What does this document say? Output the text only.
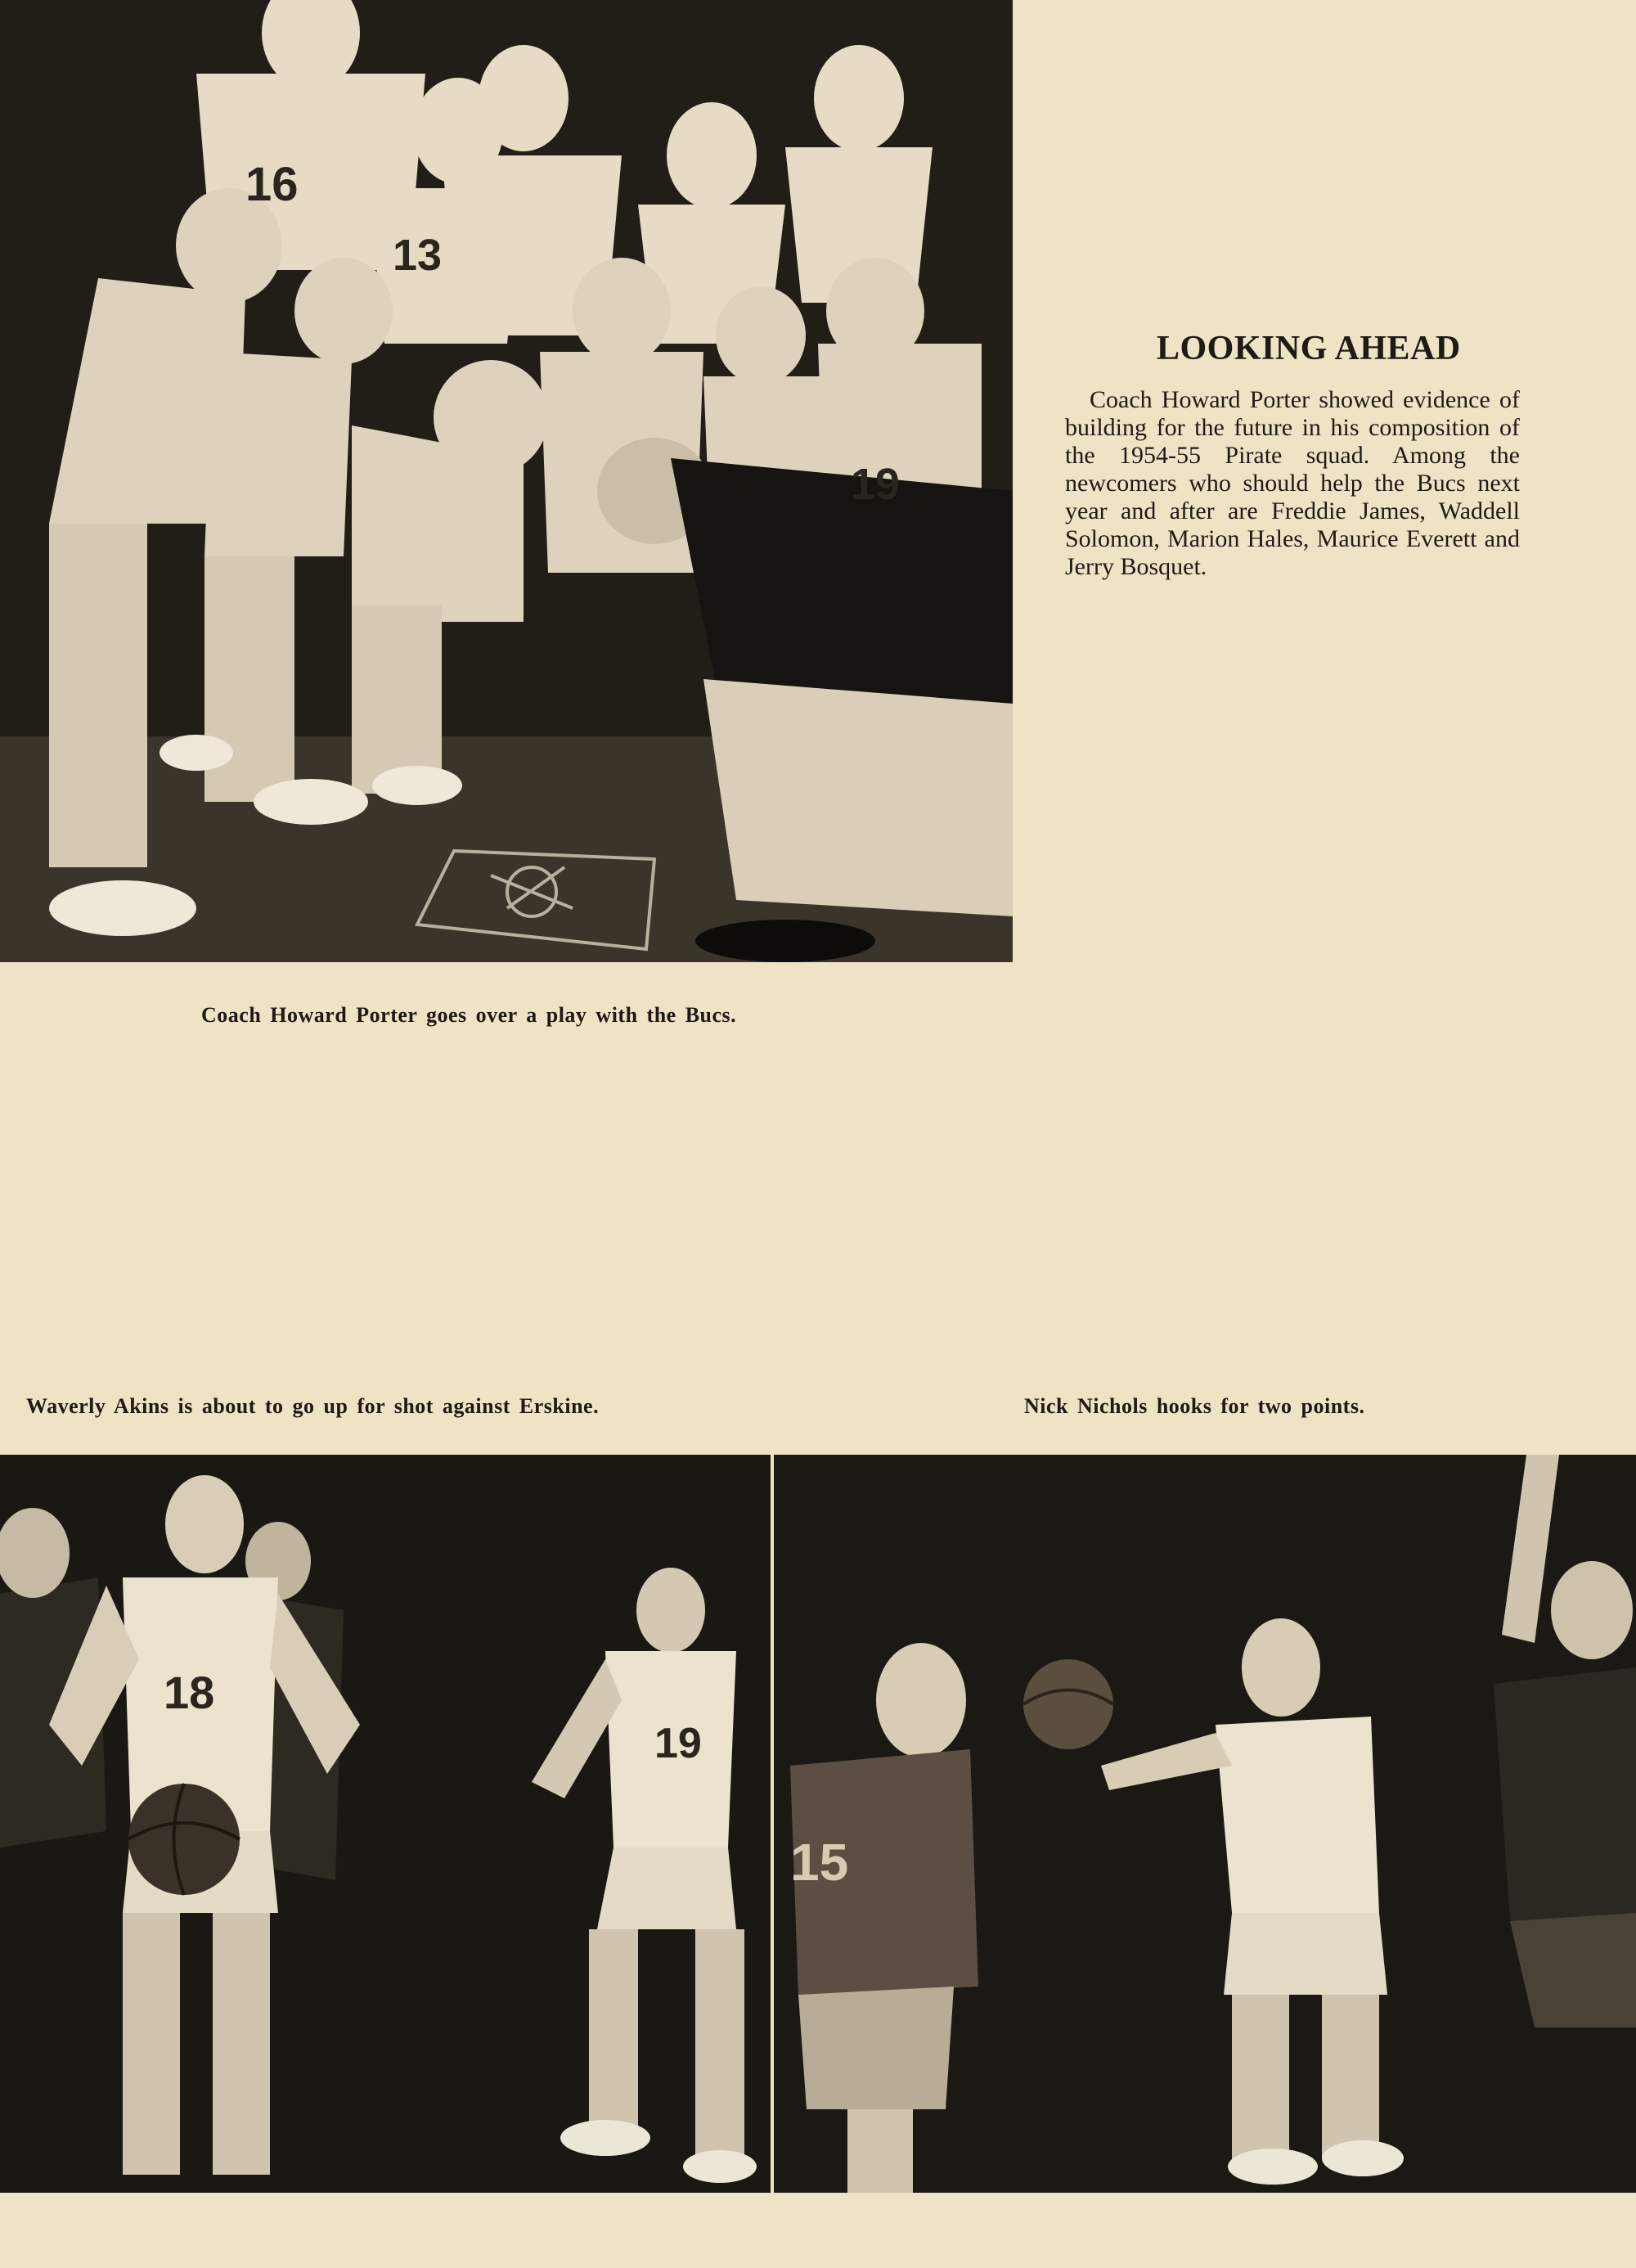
16
13
19
Coach Howard Porter goes over a play with the Bucs.
LOOKING AHEAD

Coach Howard Porter showed evidence of building for the future in his composition of the 1954-55 Pirate squad. Among the newcomers who should help the Bucs next year and after are Freddie James, Waddell Solomon, Marion Hales, Maurice Everett and Jerry Bosquet.

Waverly Akins is about to go up for shot against Erskine.	Nick Nichols hooks for two points.
18
19
15
